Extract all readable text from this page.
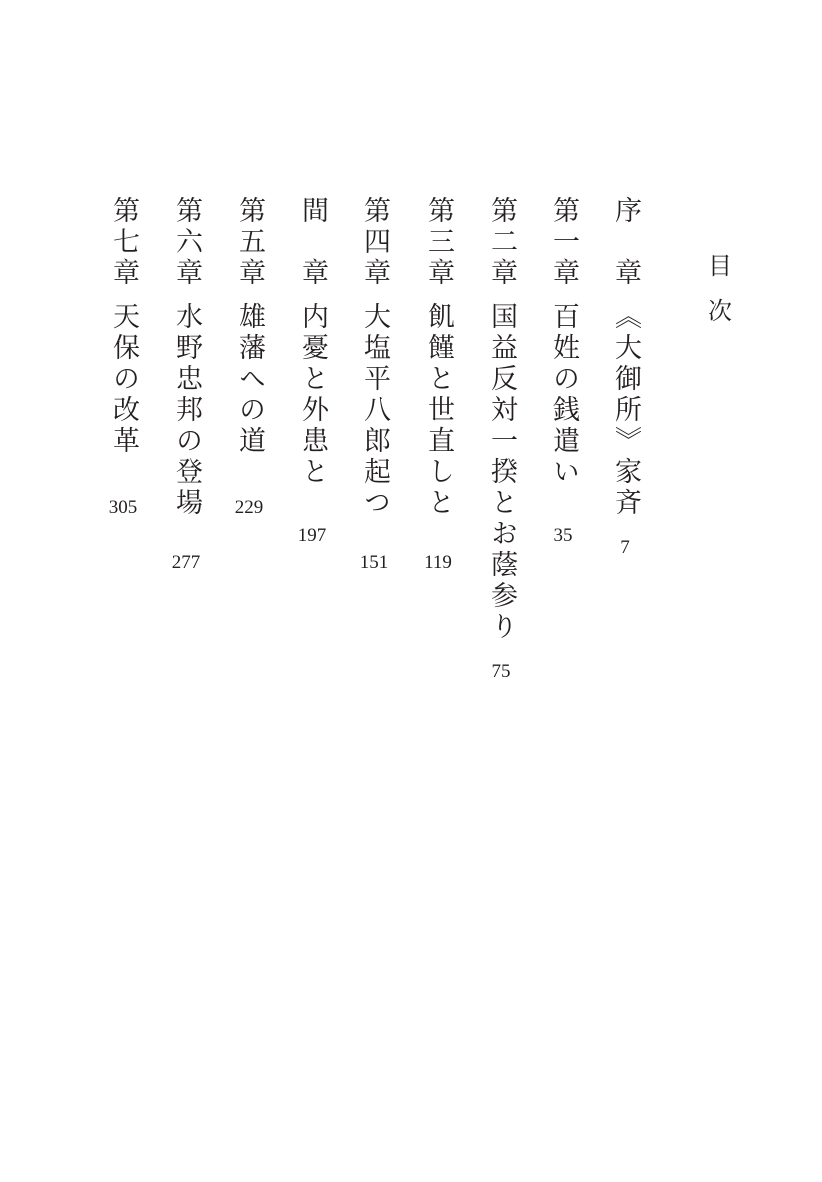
目
次
序　章
《大御所》家斉
7
第一章
百姓の銭遣い
35
第二章
国益反対一揆とお蔭参り
75
第三章
飢饉と世直しと
119
第四章
大塩平八郎起つ
151
間　章
内憂と外患と
197
第五章
雄藩への道
229
第六章
水野忠邦の登場
277
第七章
天保の改革
305
